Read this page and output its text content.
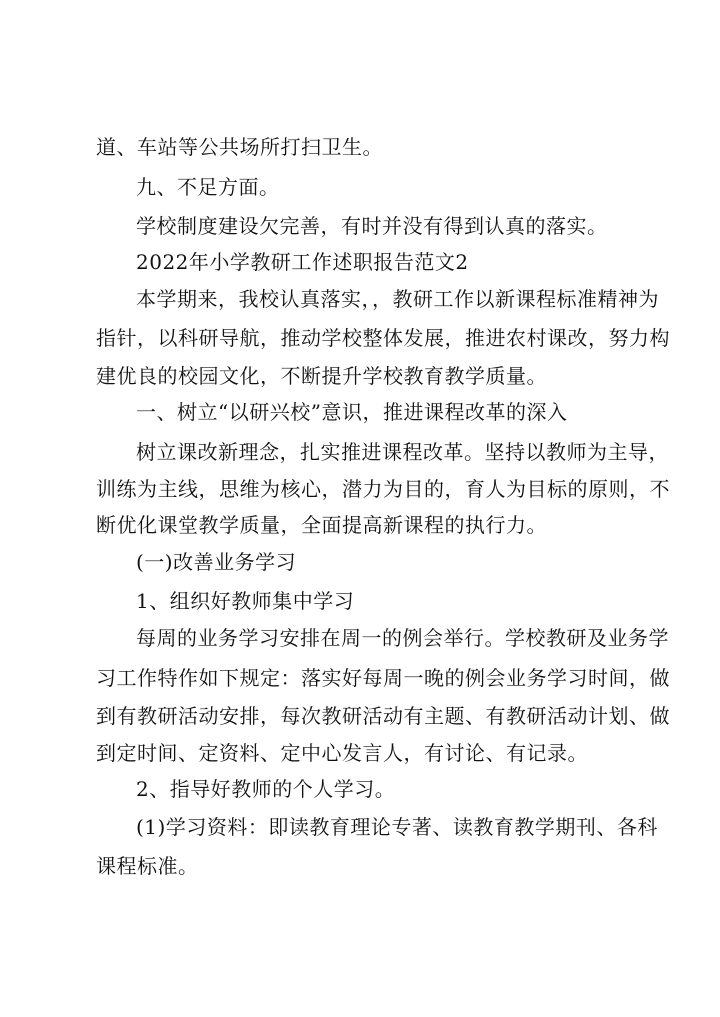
道、车站等公共场所打扫卫生。
九、不足方面。
学校制度建设欠完善，有时并没有得到认真的落实。
2022年小学教研工作述职报告范文2
本学期来，我校认真落实，，教研工作以新课程标准精神为
指针，以科研导航，推动学校整体发展，推进农村课改，努力构
建优良的校园文化，不断提升学校教育教学质量。
一、树立“以研兴校”意识，推进课程改革的深入
树立课改新理念，扎实推进课程改革。坚持以教师为主导，
训练为主线，思维为核心，潜力为目的，育人为目标的原则，不
断优化课堂教学质量，全面提高新课程的执行力。
(一)改善业务学习
1、组织好教师集中学习
每周的业务学习安排在周一的例会举行。学校教研及业务学
习工作特作如下规定：落实好每周一晚的例会业务学习时间，做
到有教研活动安排，每次教研活动有主题、有教研活动计划、做
到定时间、定资料、定中心发言人，有讨论、有记录。
2、指导好教师的个人学习。
(1)学习资料：即读教育理论专著、读教育教学期刊、各科
课程标准。
